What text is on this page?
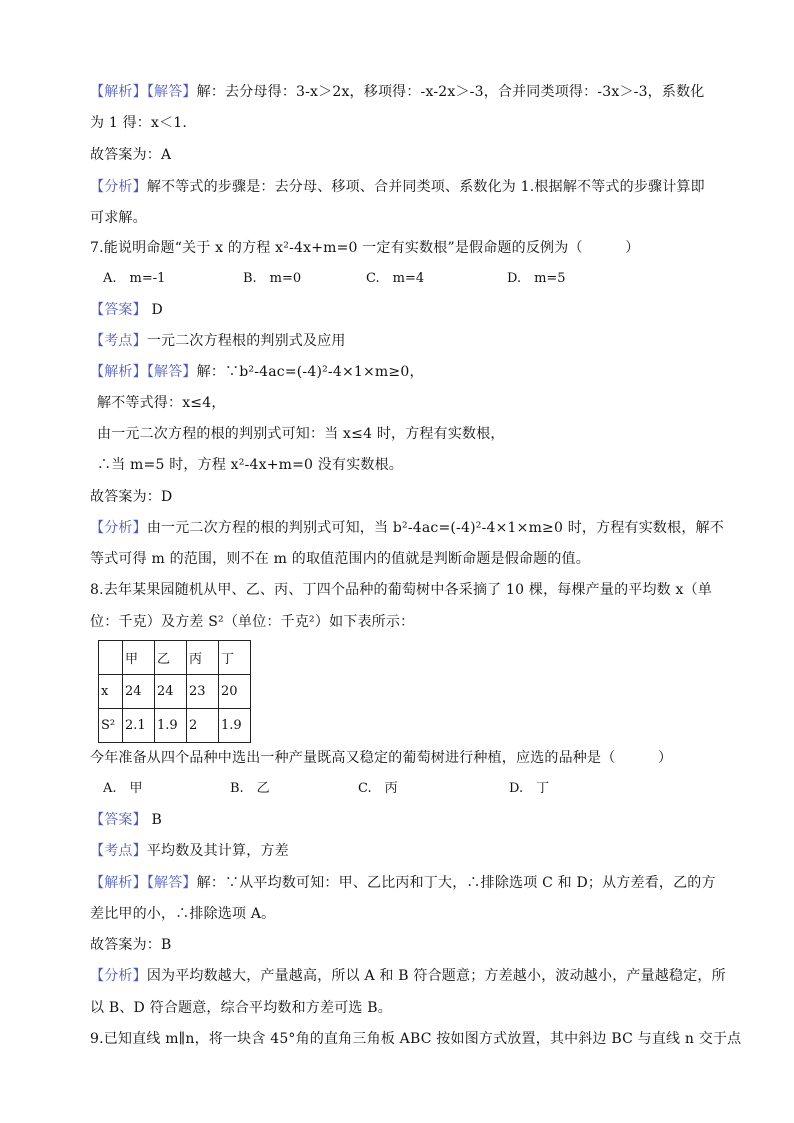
【解析】【解答】解：去分母得：3-x＞2x，移项得：-x-2x＞-3，合并同类项得：-3x＞-3，系数化
为 1 得：x＜1.
故答案为：A
【分析】解不等式的步骤是：去分母、移项、合并同类项、系数化为 1.根据解不等式的步骤计算即
可求解。
7.能说明命题“关于 x 的方程 x²-4x+m=0 一定有实数根”是假命题的反例为（　　　）
A.　m=-1	B.　m=0	C.　m=4	D.　m=5
【答案】 D
【考点】一元二次方程根的判别式及应用
【解析】【解答】解：∵b²-4ac=(-4)²-4×1×m≥0，
解不等式得：x≤4，
由一元二次方程的根的判别式可知：当 x≤4 时，方程有实数根，
∴当 m=5 时，方程 x²-4x+m=0 没有实数根。
故答案为：D
【分析】由一元二次方程的根的判别式可知，当 b²-4ac=(-4)²-4×1×m≥0 时，方程有实数根，解不
等式可得 m 的范围，则不在 m 的取值范围内的值就是判断命题是假命题的值。
8.去年某果园随机从甲、乙、丙、丁四个品种的葡萄树中各采摘了 10 棵，每棵产量的平均数 x（单
位：千克）及方差 S²（单位：千克²）如下表所示：
	甲	乙	丙	丁
x	24	24	23	20
S²	2.1	1.9	2	1.9
今年准备从四个品种中选出一种产量既高又稳定的葡萄树进行种植，应选的品种是（　　　）
A.　甲	B.　乙	C.　丙	D.　丁
【答案】 B
【考点】平均数及其计算，方差
【解析】【解答】解：∵从平均数可知：甲、乙比丙和丁大，∴排除选项 C 和 D；从方差看，乙的方
差比甲的小，∴排除选项 A。
故答案为：B
【分析】因为平均数越大，产量越高，所以 A 和 B 符合题意；方差越小，波动越小，产量越稳定，所
以 B、D 符合题意，综合平均数和方差可选 B。
9.已知直线 m∥n，将一块含 45°角的直角三角板 ABC 按如图方式放置，其中斜边 BC 与直线 n 交于点
